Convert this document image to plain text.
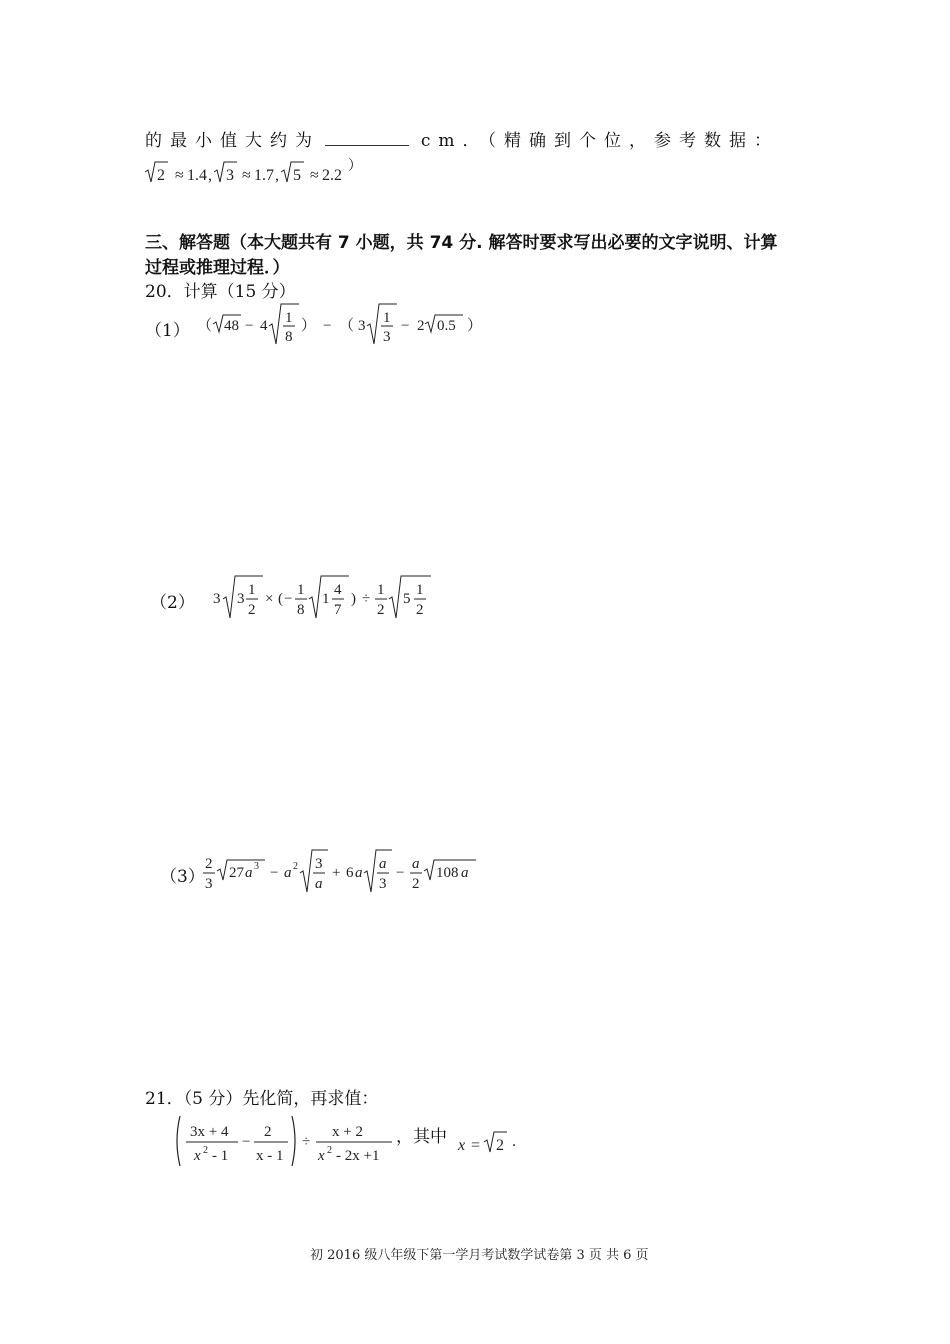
的最小值大约为	cm．（精确到个位，参考数据：
2 ≈ 1.4 , 3 ≈ 1.7 , 5 ≈ 2.2
）
三、解答题（本大题共有 7 小题，共 74 分. 解答时要求写出必要的文字说明、计算
过程或推理过程．）
20．计算（15 分）
（1） （ 48 − 4 1
8
） − （ 3 1
3
− 2 0.5 ）
（2） 3 3
1
2
× ( −
1
8
1
4
7
) ÷
1
2
5
1
2
（3）
2
3
27 a 3 − a 2 3
a
+ 6 a
a
3
−
a
2
108 a
21．（5 分）先化简，再求值：
3x + 4
x 2 - 1
−
2
x - 1
÷
x + 2
x 2 - 2x +1
，其中 x = 2 .
初 2016 级八年级下第一学月考试数学试卷第 3 页 共 6 页
